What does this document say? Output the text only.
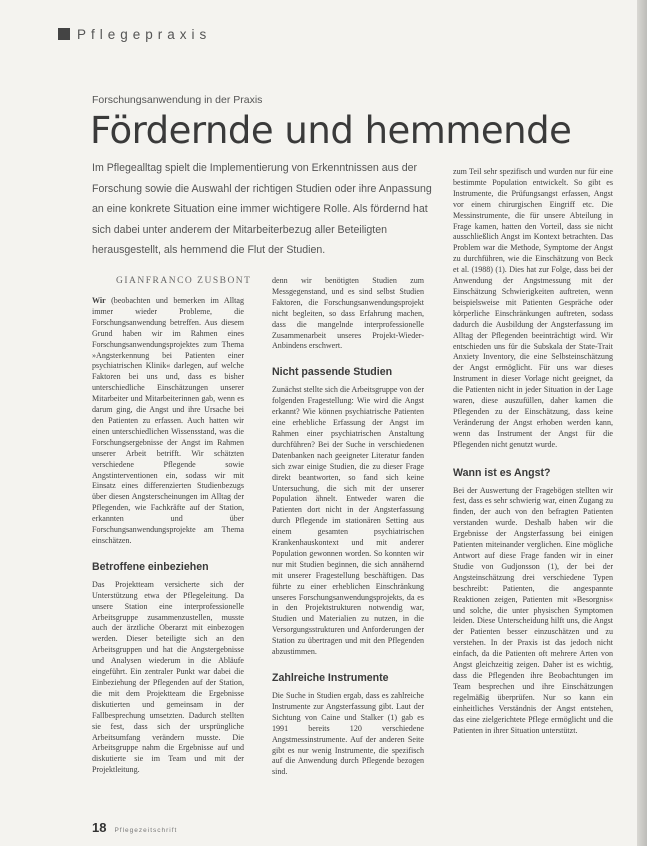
Pflegepraxis
Forschungsanwendung in der Praxis
Fördernde und hemmende
Im Pflegealltag spielt die Implementierung von Erkenntnissen aus der Forschung sowie die Auswahl der richtigen Studien oder ihre Anpassung an eine konkrete Situation eine immer wichtigere Rolle. Als fördernd hat sich dabei unter anderem der Mitarbeiterbezug aller Beteiligten herausgestellt, als hemmend die Flut der Studien.
GIANFRANCO ZUSBONT

Wir (beobachten und bemerken im Alltag immer wieder Probleme, die Forschungsanwendung betreffen. Aus diesem Grund haben wir im Rahmen eines Forschungsanwendungsprojektes zum Thema »Angsterkennung bei Patienten einer psychiatrischen Klinik« darlegen, auf welche Faktoren bei uns und, dass es bisher unterschiedliche Einschätzungen unserer Mitarbeiter und Mitarbeiterinnen gab, wenn es darum ging, die Angst und ihre Ursache bei den Patienten zu erfassen. Auch hatten wir einen unterschiedlichen Wissensstand, was die Forschungsergebnisse der Angst im Rahmen unserer Arbeit betrifft. Wir schätzten verschiedene Pflegende sowie Angstinterventionen ein, sodass wir mit Einsatz eines differenzierten Studienbezugs über diesen Angsterscheinungen im Alltag der Pflegenden, wie Fachkräfte auf der Station, erkannten und über Forschungsanwendungsprojekte am Thema einschätzen.

Betroffene einbeziehen

Das Projektteam versicherte sich der Unterstützung etwa der Pflegeleitung. Da unsere Station eine interprofessionelle Arbeitsgruppe zusammenzustellen, musste auch der ärztliche Oberarzt mit einbezogen werden. Dieser beteiligte sich an den Arbeitsgruppen und hat die Angstergebnisse und Analysen wiederum in die Abläufe eingeführt. Ein zentraler Punkt war dabei die Einbeziehung der Pflegenden auf der Station, die mit dem Projektteam die Ergebnisse diskutierten und gemeinsam in der Fallbesprechung umsetzten. Dadurch stellten sie fest, dass sich der ursprüngliche Arbeitsumfang verändern musste. Die Arbeitsgruppe nahm die Ergebnisse auf und diskutierte sie im Team und mit der Projektleitung.

denn wir benötigten Studien zum Messgegenstand, und es sind selbst Studien Faktoren, die Forschungsanwendungsprojekt nicht begleiten, so dass Erfahrung machen, dass die mangelnde interprofessionelle Zusammenarbeit unseres Projekt-Wieder-Anbindens erschwert.

Nicht passende Studien

Zunächst stellte sich die Arbeitsgruppe von der folgenden Fragestellung: Wie wird die Angst erkannt? Wie können psychiatrische Patienten eine erhebliche Erfassung der Angst im Rahmen einer psychiatrischen Anstaltung durchführen? Bei der Suche in verschiedenen Datenbanken nach geeigneter Literatur fanden sich zwar einige Studien, die zu dieser Frage direkt beantworten, so fand sich keine Untersuchung, die sich mit der unserer Population ähnelt. Entweder waren die Patienten dort nicht in der Angsterfassung durch Pflegende im stationären Setting aus einem gesamten psychiatrischen Krankenhauskontext und mit anderer Population gewonnen worden. So konnten wir nur mit Studien beginnen, die sich annähernd mit unserer Fragestellung beschäftigen. Das führte zu einer erheblichen Einschränkung unseres Forschungsanwendungsprojekts, da es in den Projektstrukturen notwendig war, Studien und Materialien zu nutzen, in die Versorgungsstrukturen und Anforderungen der Station zu übertragen und mit den Pflegenden abzustimmen.

Zahlreiche Instrumente

Die Suche in Studien ergab, dass es zahlreiche Instrumente zur Angsterfassung gibt. Laut der Sichtung von Caine und Stalker (1) gab es 1991 bereits 120 verschiedene Angstmessinstrumente. Auf der anderen Seite gibt es nur wenig Instrumente, die spezifisch auf die Anwendung durch Pflegende bezogen sind.

zum Teil sehr spezifisch und wurden nur für eine bestimmte Population entwickelt. So gibt es Instrumente, die Prüfungsangst erfassen, Angst vor einem chirurgischen Eingriff etc. Die Messinstrumente, die für unsere Abteilung in Frage kamen, hatten den Vorteil, dass sie nicht ausschließlich Angst im Kontext betrachten. Das Problem war die Methode, Symptome der Angst zu durchführen, wie die Einschätzung von Beck et al. (1988) (1). Dies hat zur Folge, dass bei der Anwendung der Angstmessung mit der Einschätzung Schwierigkeiten auftreten, wenn beispielsweise mit Patienten Gespräche oder körperliche Einschränkungen auftreten, sodass dadurch die Ausbildung der Angsterfassung im Alltag der Pflegenden beeinträchtigt wird. Wir entschieden uns für die Subskala der State-Trait Anxiety Inventory, die eine Selbsteinschätzung der Angst ermöglicht. Für uns war dieses Instrument in dieser Vorlage nicht geeignet, da die Patienten nicht in jeder Situation in der Lage waren, diese auszufüllen, daher kamen die Pflegenden zu der Einschätzung, dass keine Veränderung der Angst erhoben werden kann, wenn das Instrument der Angst für die Pflegenden nicht genutzt wurde.

Wann ist es Angst?

Bei der Auswertung der Fragebögen stellten wir fest, dass es sehr schwierig war, einen Zugang zu finden, der auch von den befragten Patienten verstanden wurde. Deshalb haben wir die Ergebnisse der Angsterfassung bei einigen Patienten miteinander verglichen. Eine mögliche Antwort auf diese Frage fanden wir in einer Studie von Gudjonsson (1), der bei der Angsteinschätzung drei verschiedene Typen beschreibt: Patienten, die angespannte Reaktionen zeigen, Patienten mit »Besorgnis« und solche, die unter physischen Symptomen leiden. Diese Unterscheidung hilft uns, die Angst der Patienten besser einzuschätzen und zu verstehen. In der Praxis ist das jedoch nicht einfach, da die Patienten oft mehrere Arten von Angst gleichzeitig zeigen. Daher ist es wichtig, dass die Pflegenden ihre Beobachtungen im Team besprechen und ihre Einschätzungen regelmäßig überprüfen. Nur so kann ein einheitliches Verständnis der Angst entstehen, das eine zielgerichtete Pflege ermöglicht und die Patienten in ihrer Situation unterstützt.

18 Pflegezeitschrift
